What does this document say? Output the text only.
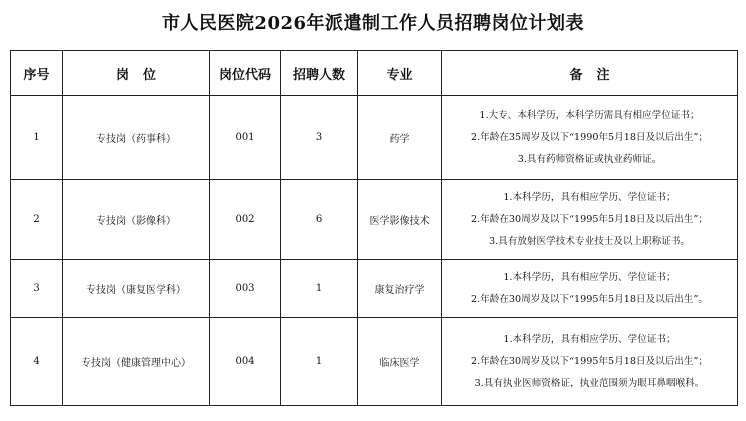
市人民医院2026年派遣制工作人员招聘岗位计划表
序号	岗位	岗位代码	招聘人数	专业	备注
1	专技岗（药事科）	001	3	药学	1.大专、本科学历，本科学历需具有相应学位证书；
2.年龄在35周岁及以下“1990年5月18日及以后出生”；
3.具有药师资格证或执业药师证。

2	专技岗（影像科）	002	6	医学影像技术	1.本科学历，具有相应学历、学位证书；
2.年龄在30周岁及以下“1995年5月18日及以后出生”；
3.具有放射医学技术专业技士及以上职称证书。

3	专技岗（康复医学科）	003	1	康复治疗学	1.本科学历，具有相应学历、学位证书；
2.年龄在30周岁及以下“1995年5月18日及以后出生”。

4	专技岗（健康管理中心）	004	1	临床医学	1.本科学历，具有相应学历、学位证书；
2.年龄在30周岁及以下“1995年5月18日及以后出生”；
3.具有执业医师资格证，执业范围须为眼耳鼻咽喉科。
